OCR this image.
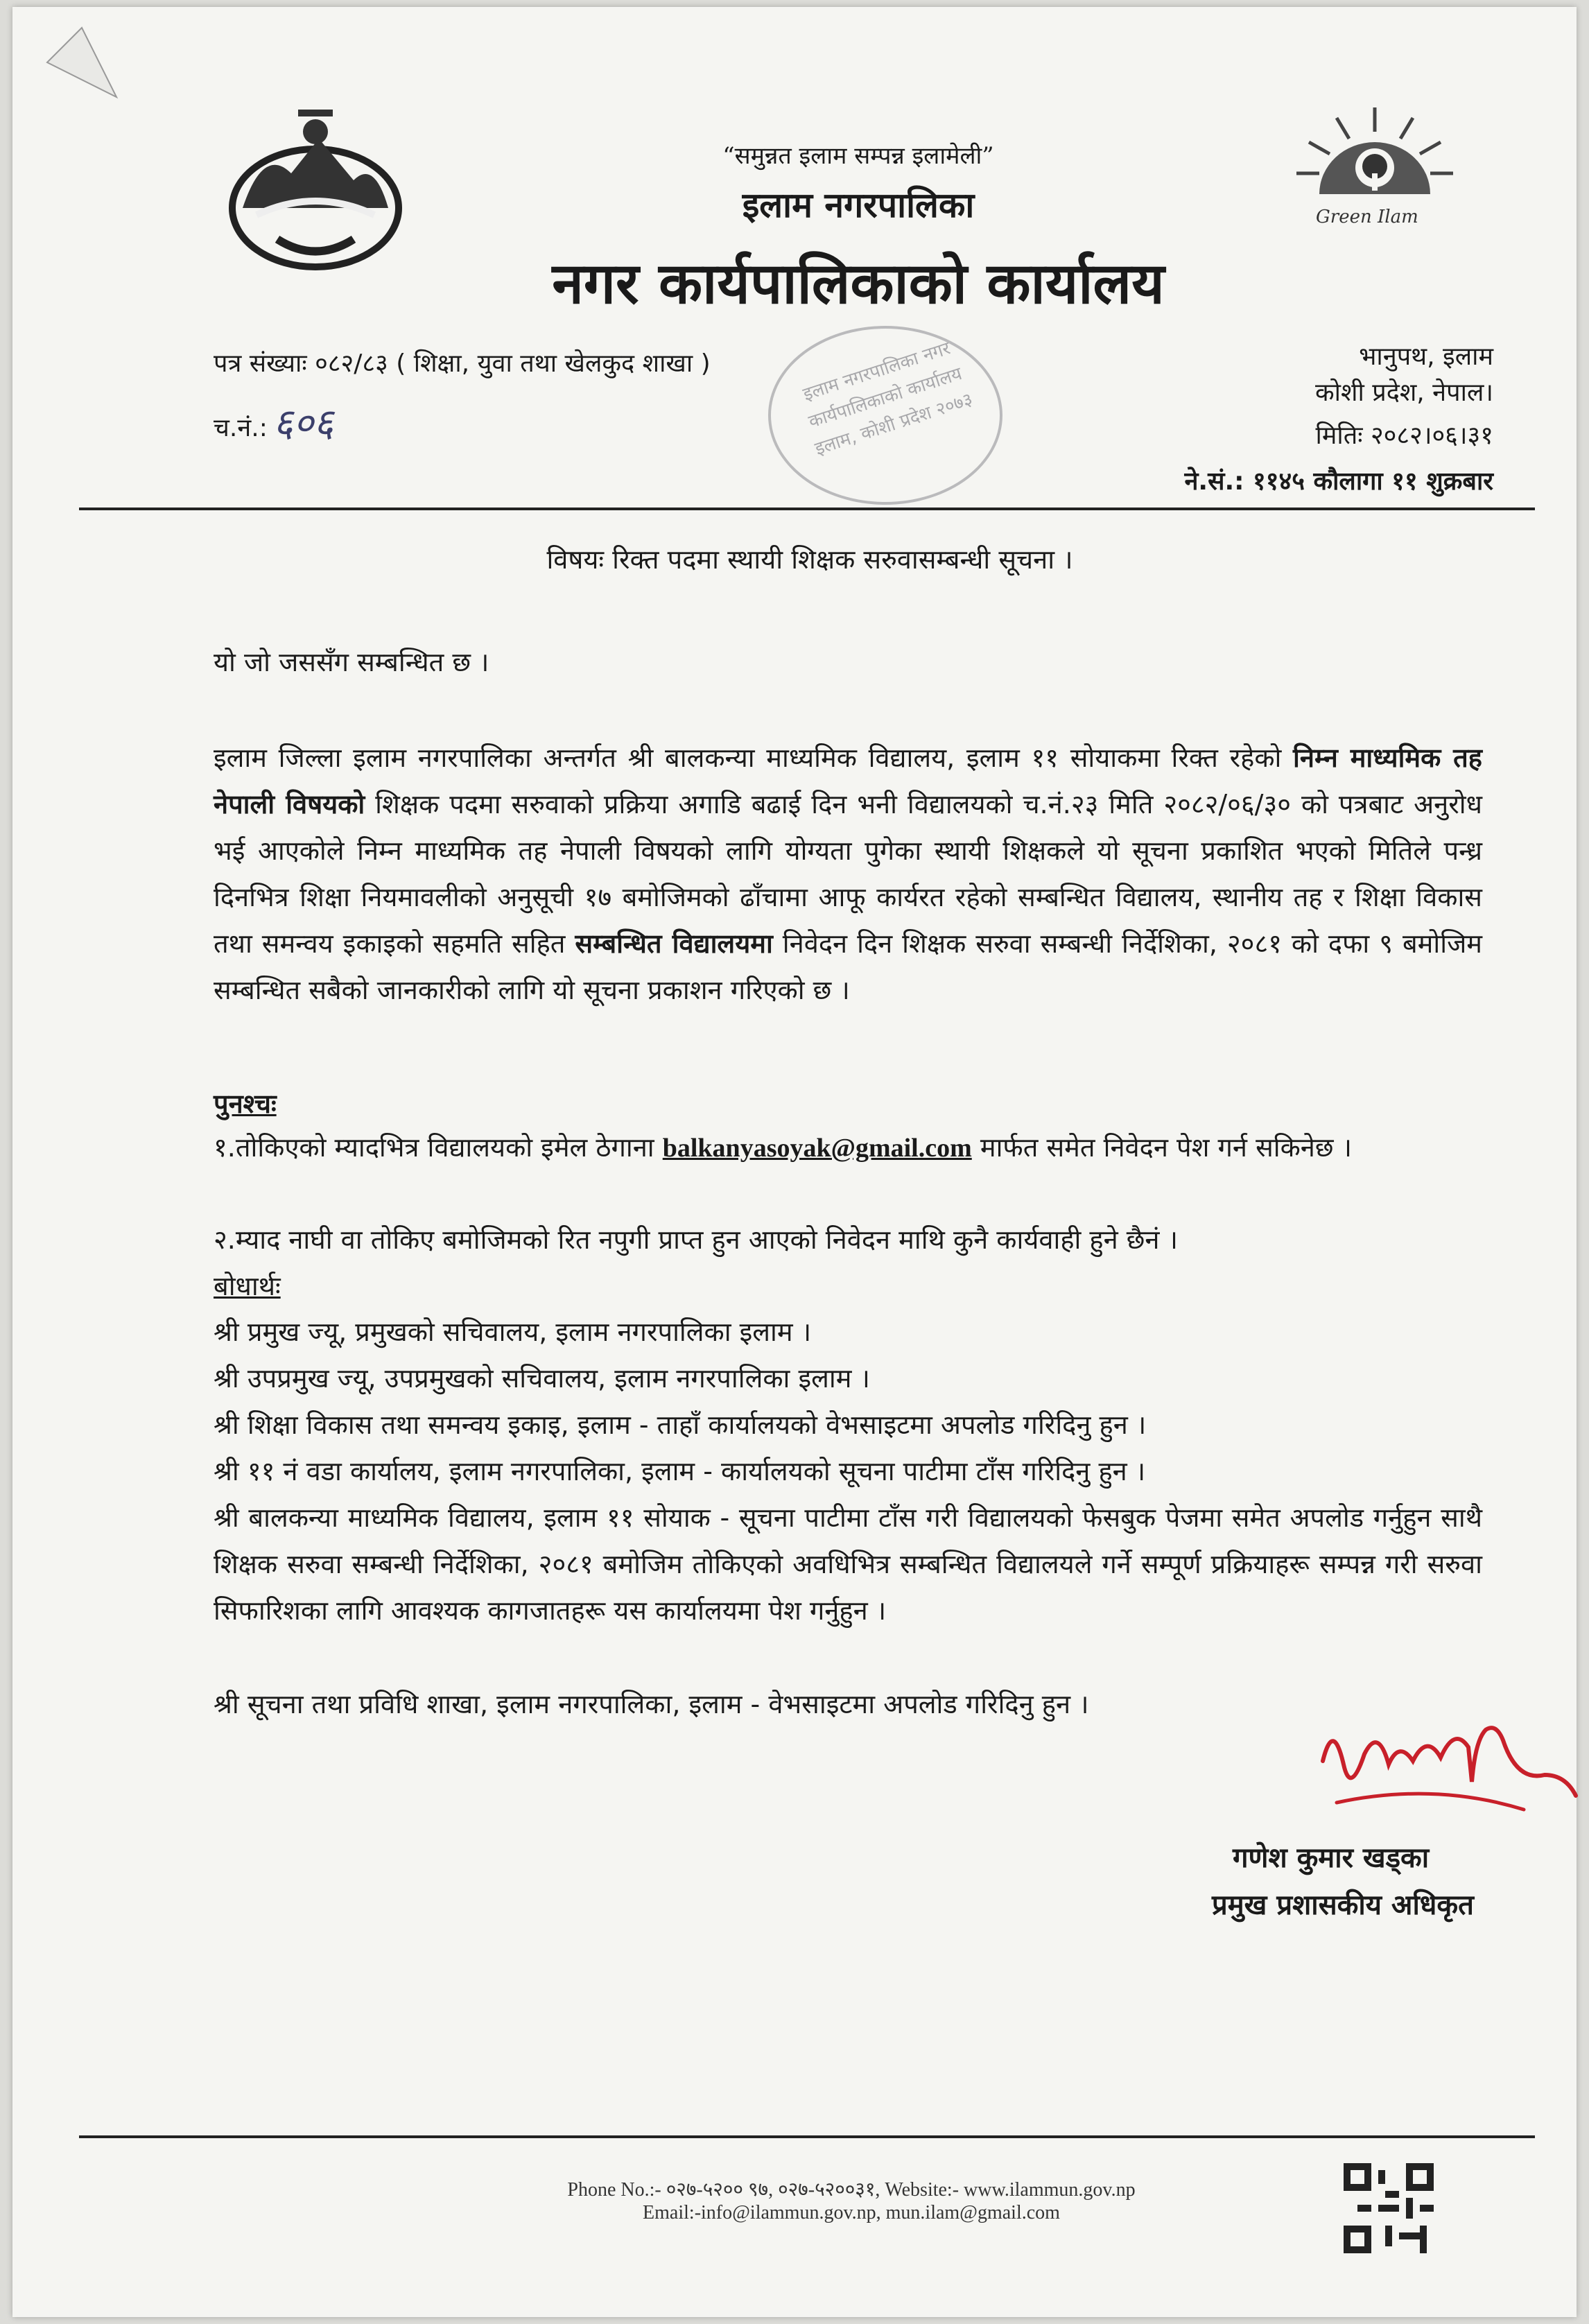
Green Ilam
“समुन्नत इलाम सम्पन्न इलामेली”
इलाम नगरपालिका
नगर कार्यपालिकाको कार्यालय
पत्र संख्याः ०८२/८३ ( शिक्षा, युवा तथा खेलकुद शाखा )
च.नं.: ६०६
इलाम नगरपालिका नगर कार्यपालिकाको कार्यालय इलाम, कोशी प्रदेश २०७३
भानुपथ, इलाम
कोशी प्रदेश, नेपाल।
मितिः २०८२।०६।३१
ने.सं.: ११४५ कौलागा ११ शुक्रबार
विषयः रिक्त पदमा स्थायी शिक्षक सरुवासम्बन्धी सूचना ।
यो जो जससँग सम्बन्धित छ ।
इलाम जिल्ला इलाम नगरपालिका अन्तर्गत श्री बालकन्या माध्यमिक विद्यालय, इलाम ११ सोयाकमा रिक्त रहेको निम्न माध्यमिक तह नेपाली विषयको शिक्षक पदमा सरुवाको प्रक्रिया अगाडि बढाई दिन भनी विद्यालयको च.नं.२३ मिति २०८२/०६/३० को पत्रबाट अनुरोध भई आएकोले निम्न माध्यमिक तह नेपाली विषयको लागि योग्यता पुगेका स्थायी शिक्षकले यो सूचना प्रकाशित भएको मितिले पन्ध्र दिनभित्र शिक्षा नियमावलीको अनुसूची १७ बमोजिमको ढाँचामा आफू कार्यरत रहेको सम्बन्धित विद्यालय, स्थानीय तह र शिक्षा विकास तथा समन्वय इकाइको सहमति सहित सम्बन्धित विद्यालयमा निवेदन दिन शिक्षक सरुवा सम्बन्धी निर्देशिका, २०८१ को दफा ९ बमोजिम सम्बन्धित सबैको जानकारीको लागि यो सूचना प्रकाशन गरिएको छ ।
पुनश्चः
१.तोकिएको म्यादभित्र विद्यालयको इमेल ठेगाना balkanyasoyak@gmail.com मार्फत समेत निवेदन पेश गर्न सकिनेछ ।
२.म्याद नाघी वा तोकिए बमोजिमको रित नपुगी प्राप्त हुन आएको निवेदन माथि कुनै कार्यवाही हुने छैनं ।
बोधार्थः
श्री प्रमुख ज्यू, प्रमुखको सचिवालय, इलाम नगरपालिका इलाम ।
श्री उपप्रमुख ज्यू, उपप्रमुखको सचिवालय, इलाम नगरपालिका इलाम ।
श्री शिक्षा विकास तथा समन्वय इकाइ, इलाम - ताहाँ कार्यालयको वेभसाइटमा अपलोड गरिदिनु हुन ।
श्री ११ नं वडा कार्यालय, इलाम नगरपालिका, इलाम - कार्यालयको सूचना पाटीमा टाँस गरिदिनु हुन ।
श्री बालकन्या माध्यमिक विद्यालय, इलाम ११ सोयाक - सूचना पाटीमा टाँस गरी विद्यालयको फेसबुक पेजमा समेत अपलोड गर्नुहुन साथै शिक्षक सरुवा सम्बन्धी निर्देशिका, २०८१ बमोजिम तोकिएको अवधिभित्र सम्बन्धित विद्यालयले गर्ने सम्पूर्ण प्रक्रियाहरू सम्पन्न गरी सरुवा सिफारिशका लागि आवश्यक कागजातहरू यस कार्यालयमा पेश गर्नुहुन ।
श्री सूचना तथा प्रविधि शाखा, इलाम नगरपालिका, इलाम - वेभसाइटमा अपलोड गरिदिनु हुन ।
गणेश कुमार खड्का
प्रमुख प्रशासकीय अधिकृत
Phone No.:- ०२७-५२०० ९७, ०२७-५२००३१, Website:- www.ilammun.gov.np
Email:-info@ilammun.gov.np, mun.ilam@gmail.com
